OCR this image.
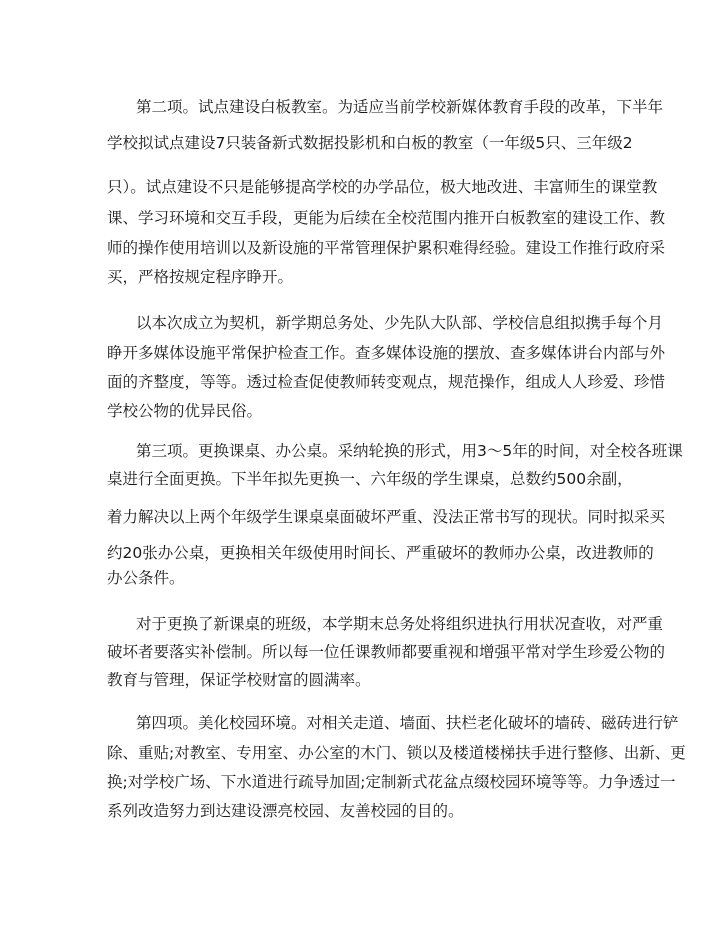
第二项。试点建设白板教室。为适应当前学校新媒体教育手段的改革，下半年
学校拟试点建设7只装备新式数据投影机和白板的教室（一年级5只、三年级2
只）。试点建设不只是能够提高学校的办学品位，极大地改进、丰富师生的课堂教
课、学习环境和交互手段，更能为后续在全校范围内推开白板教室的建设工作、教
师的操作使用培训以及新设施的平常管理保护累积难得经验。建设工作推行政府采
买，严格按规定程序睁开。
以本次成立为契机，新学期总务处、少先队大队部、学校信息组拟携手每个月
睁开多媒体设施平常保护检查工作。查多媒体设施的摆放、查多媒体讲台内部与外
面的齐整度，等等。透过检查促使教师转变观点，规范操作，组成人人珍爱、珍惜
学校公物的优异民俗。
第三项。更换课桌、办公桌。采纳轮换的形式，用3～5年的时间，对全校各班课
桌进行全面更换。下半年拟先更换一、六年级的学生课桌，总数约500余副，
着力解决以上两个年级学生课桌桌面破坏严重、没法正常书写的现状。同时拟采买
约20张办公桌，更换相关年级使用时间长、严重破坏的教师办公桌，改进教师的
办公条件。
对于更换了新课桌的班级，本学期末总务处将组织进执行用状况查收，对严重
破坏者要落实补偿制。所以每一位任课教师都要重视和增强平常对学生珍爱公物的
教育与管理，保证学校财富的圆满率。
第四项。美化校园环境。对相关走道、墙面、扶栏老化破坏的墙砖、磁砖进行铲
除、重贴;对教室、专用室、办公室的木门、锁以及楼道楼梯扶手进行整修、出新、更
换;对学校广场、下水道进行疏导加固;定制新式花盆点缀校园环境等等。力争透过一
系列改造努力到达建设漂亮校园、友善校园的目的。
